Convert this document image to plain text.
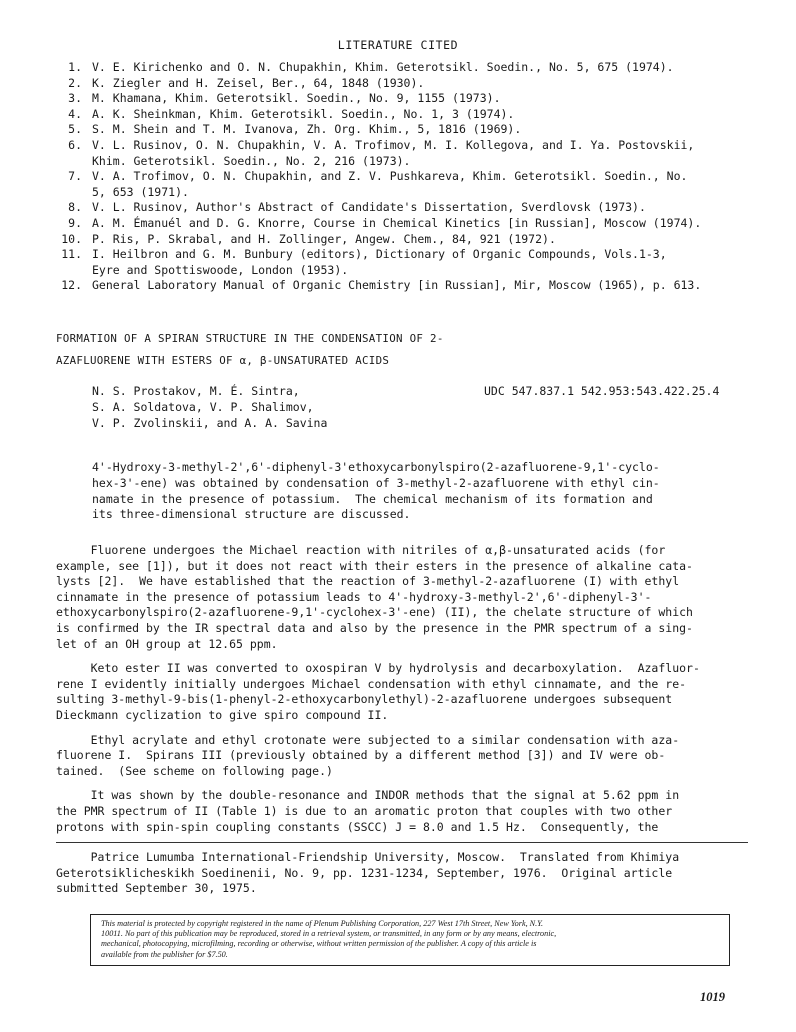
LITERATURE CITED
1. V. E. Kirichenko and O. N. Chupakhin, Khim. Geterotsikl. Soedin., No. 5, 675 (1974).
2. K. Ziegler and H. Zeisel, Ber., 64, 1848 (1930).
3. M. Khamana, Khim. Geterotsikl. Soedin., No. 9, 1155 (1973).
4. A. K. Sheinkman, Khim. Geterotsikl. Soedin., No. 1, 3 (1974).
5. S. M. Shein and T. M. Ivanova, Zh. Org. Khim., 5, 1816 (1969).
6. V. L. Rusinov, O. N. Chupakhin, V. A. Trofimov, M. I. Kollegova, and I. Ya. Postovskii,
Khim. Geterotsikl. Soedin., No. 2, 216 (1973).
7. V. A. Trofimov, O. N. Chupakhin, and Z. V. Pushkareva, Khim. Geterotsikl. Soedin., No.
5, 653 (1971).
8. V. L. Rusinov, Author's Abstract of Candidate's Dissertation, Sverdlovsk (1973).
9. A. M. Émanuél and D. G. Knorre, Course in Chemical Kinetics [in Russian], Moscow (1974).
10. P. Ris, P. Skrabal, and H. Zollinger, Angew. Chem., 84, 921 (1972).
11. I. Heilbron and G. M. Bunbury (editors), Dictionary of Organic Compounds, Vols.1-3,
Eyre and Spottiswoode, London (1953).
12. General Laboratory Manual of Organic Chemistry [in Russian], Mir, Moscow (1965), p. 613.
FORMATION OF A SPIRAN STRUCTURE IN THE CONDENSATION OF 2-
AZAFLUORENE WITH ESTERS OF α, β-UNSATURATED ACIDS
N. S. Prostakov, M. É. Sintra,
S. A. Soldatova, V. P. Shalimov,
V. P. Zvolinskii, and A. A. Savina
UDC 547.837.1 542.953:543.422.25.4
4'-Hydroxy-3-methyl-2',6'-diphenyl-3'ethoxycarbonylspiro(2-azafluorene-9,1'-cyclo-
hex-3'-ene) was obtained by condensation of 3-methyl-2-azafluorene with ethyl cin-
namate in the presence of potassium.  The chemical mechanism of its formation and
its three-dimensional structure are discussed.
Fluorene undergoes the Michael reaction with nitriles of α,β-unsaturated acids (for
example, see [1]), but it does not react with their esters in the presence of alkaline cata-
lysts [2].  We have established that the reaction of 3-methyl-2-azafluorene (I) with ethyl
cinnamate in the presence of potassium leads to 4'-hydroxy-3-methyl-2',6'-diphenyl-3'-
ethoxycarbonylspiro(2-azafluorene-9,1'-cyclohex-3'-ene) (II), the chelate structure of which
is confirmed by the IR spectral data and also by the presence in the PMR spectrum of a sing-
let of an OH group at 12.65 ppm.
Keto ester II was converted to oxospiran V by hydrolysis and decarboxylation.  Azafluor-
rene I evidently initially undergoes Michael condensation with ethyl cinnamate, and the re-
sulting 3-methyl-9-bis(1-phenyl-2-ethoxycarbonylethyl)-2-azafluorene undergoes subsequent
Dieckmann cyclization to give spiro compound II.
Ethyl acrylate and ethyl crotonate were subjected to a similar condensation with aza-
fluorene I.  Spirans III (previously obtained by a different method [3]) and IV were ob-
tained.  (See scheme on following page.)
It was shown by the double-resonance and INDOR methods that the signal at 5.62 ppm in
the PMR spectrum of II (Table 1) is due to an aromatic proton that couples with two other
protons with spin-spin coupling constants (SSCC) J = 8.0 and 1.5 Hz.  Consequently, the
Patrice Lumumba International-Friendship University, Moscow.  Translated from Khimiya
Geterotsiklicheskikh Soedinenii, No. 9, pp. 1231-1234, September, 1976.  Original article
submitted September 30, 1975.
This material is protected by copyright registered in the name of Plenum Publishing Corporation, 227 West 17th Street, New York, N.Y.
10011. No part of this publication may be reproduced, stored in a retrieval system, or transmitted, in any form or by any means, electronic,
mechanical, photocopying, microfilming, recording or otherwise, without written permission of the publisher. A copy of this article is
available from the publisher for $7.50.
1019
